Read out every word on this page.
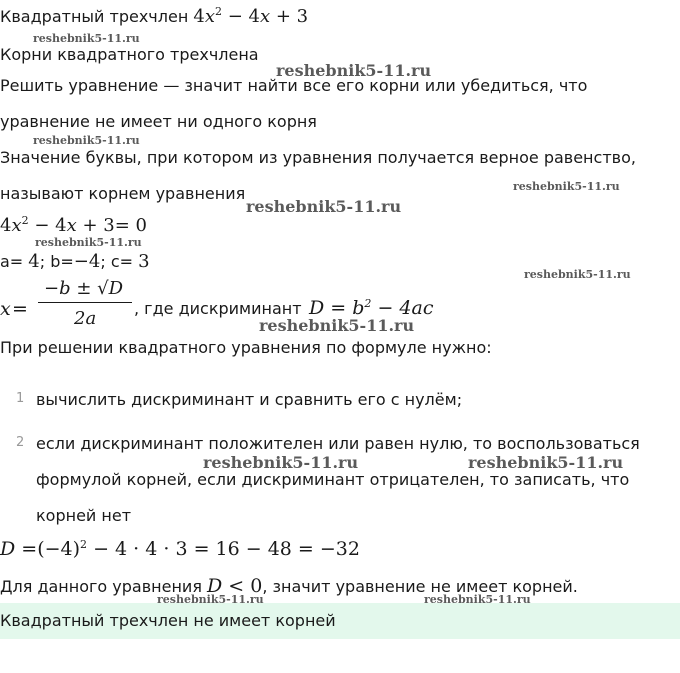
Квадратный трехчлен $4x^2 - 4x + 3$
Корни квадратного трехчлена
Решить уравнение — значит найти все его корни или убедиться, что
уравнение не имеет ни одного корня
Значение буквы, при котором из уравнения получается верное равенство,
называют корнем уравнения
$4x^2 - 4x + 3= 0$
a= 4; b=−4; c= 3
x =
−b ± √D
2a , где дискриминант $D = b^2 - 4ac$
При решении квадратного уравнения по формуле нужно:
1 вычислить дискриминант и сравнить его с нулём;
2 если дискриминант положителен или равен нулю, то воспользоваться
формулой корней, если дискриминант отрицателен, то записать, что
корней нет
$D =(-4)^2 - 4 \cdot 4 \cdot 3 = 16 - 48 = -32$
Для данного уравнения D < 0, значит уравнение не имеет корней.
Квадратный трехчлен не имеет корней
reshebnik5-11.ru
reshebnik5-11.ru
reshebnik5-11.ru
reshebnik5-11.ru
reshebnik5-11.ru
reshebnik5-11.ru
reshebnik5-11.ru
reshebnik5-11.ru
reshebnik5-11.ru	reshebnik5-11.ru
reshebnik5-11.ru	reshebnik5-11.ru
